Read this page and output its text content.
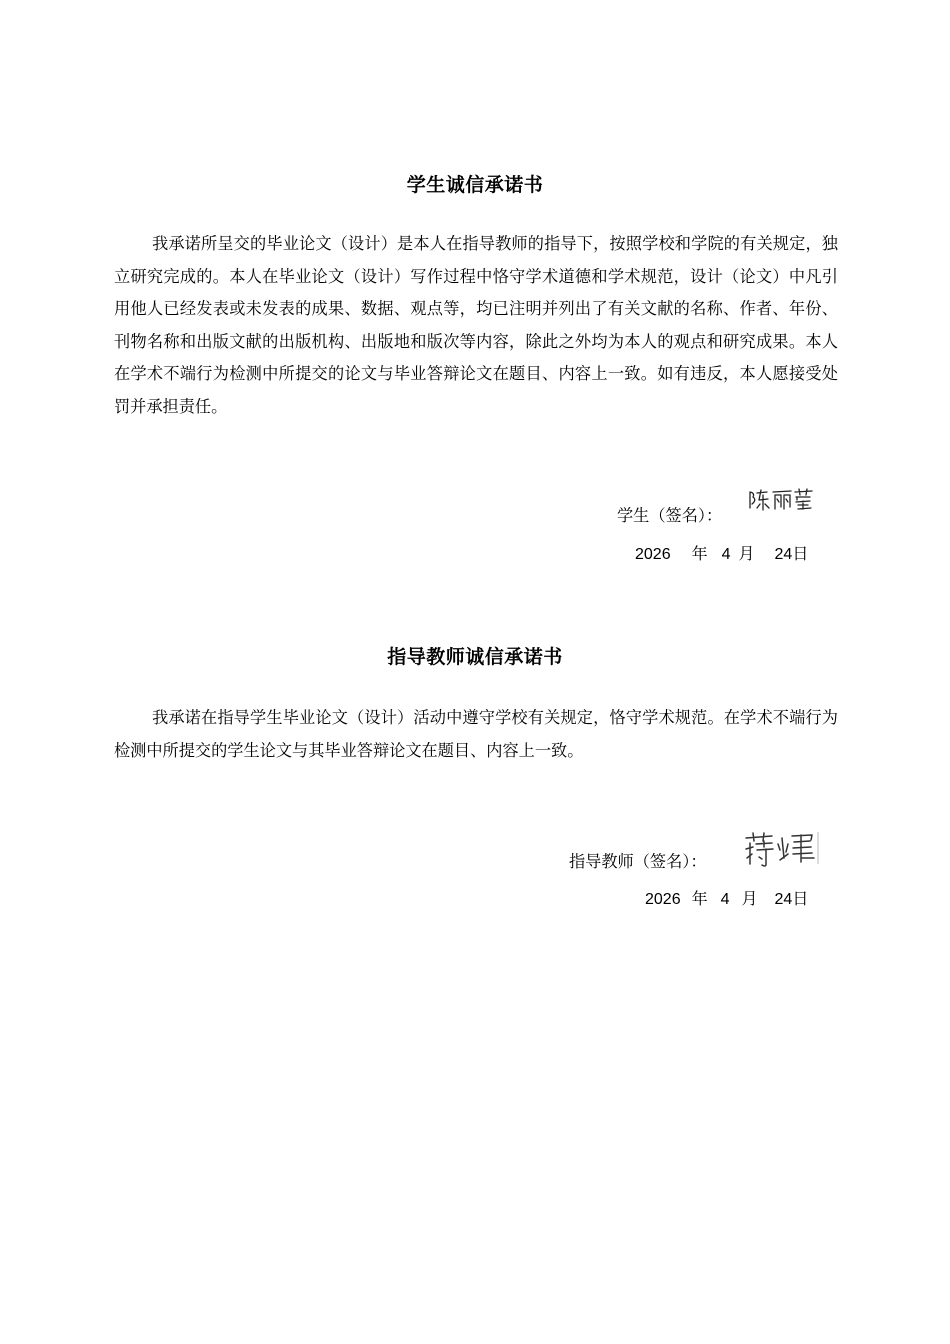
学生诚信承诺书
我承诺所呈交的毕业论文（设计）是本人在指导教师的指导下，按照学校和学院的有关规定，独立研究完成的。本人在毕业论文（设计）写作过程中恪守学术道德和学术规范，设计（论文）中凡引用他人已经发表或未发表的成果、数据、观点等，均已注明并列出了有关文献的名称、作者、年份、刊物名称和出版文献的出版机构、出版地和版次等内容，除此之外均为本人的观点和研究成果。本人在学术不端行为检测中所提交的论文与毕业答辩论文在题目、内容上一致。如有违反，本人愿接受处罚并承担责任。
学生（签名）：
2026 年 4 月 24日
指导教师诚信承诺书
我承诺在指导学生毕业论文（设计）活动中遵守学校有关规定，恪守学术规范。在学术不端行为检测中所提交的学生论文与其毕业答辩论文在题目、内容上一致。
指导教师（签名）：
2026 年 4 月 24日
